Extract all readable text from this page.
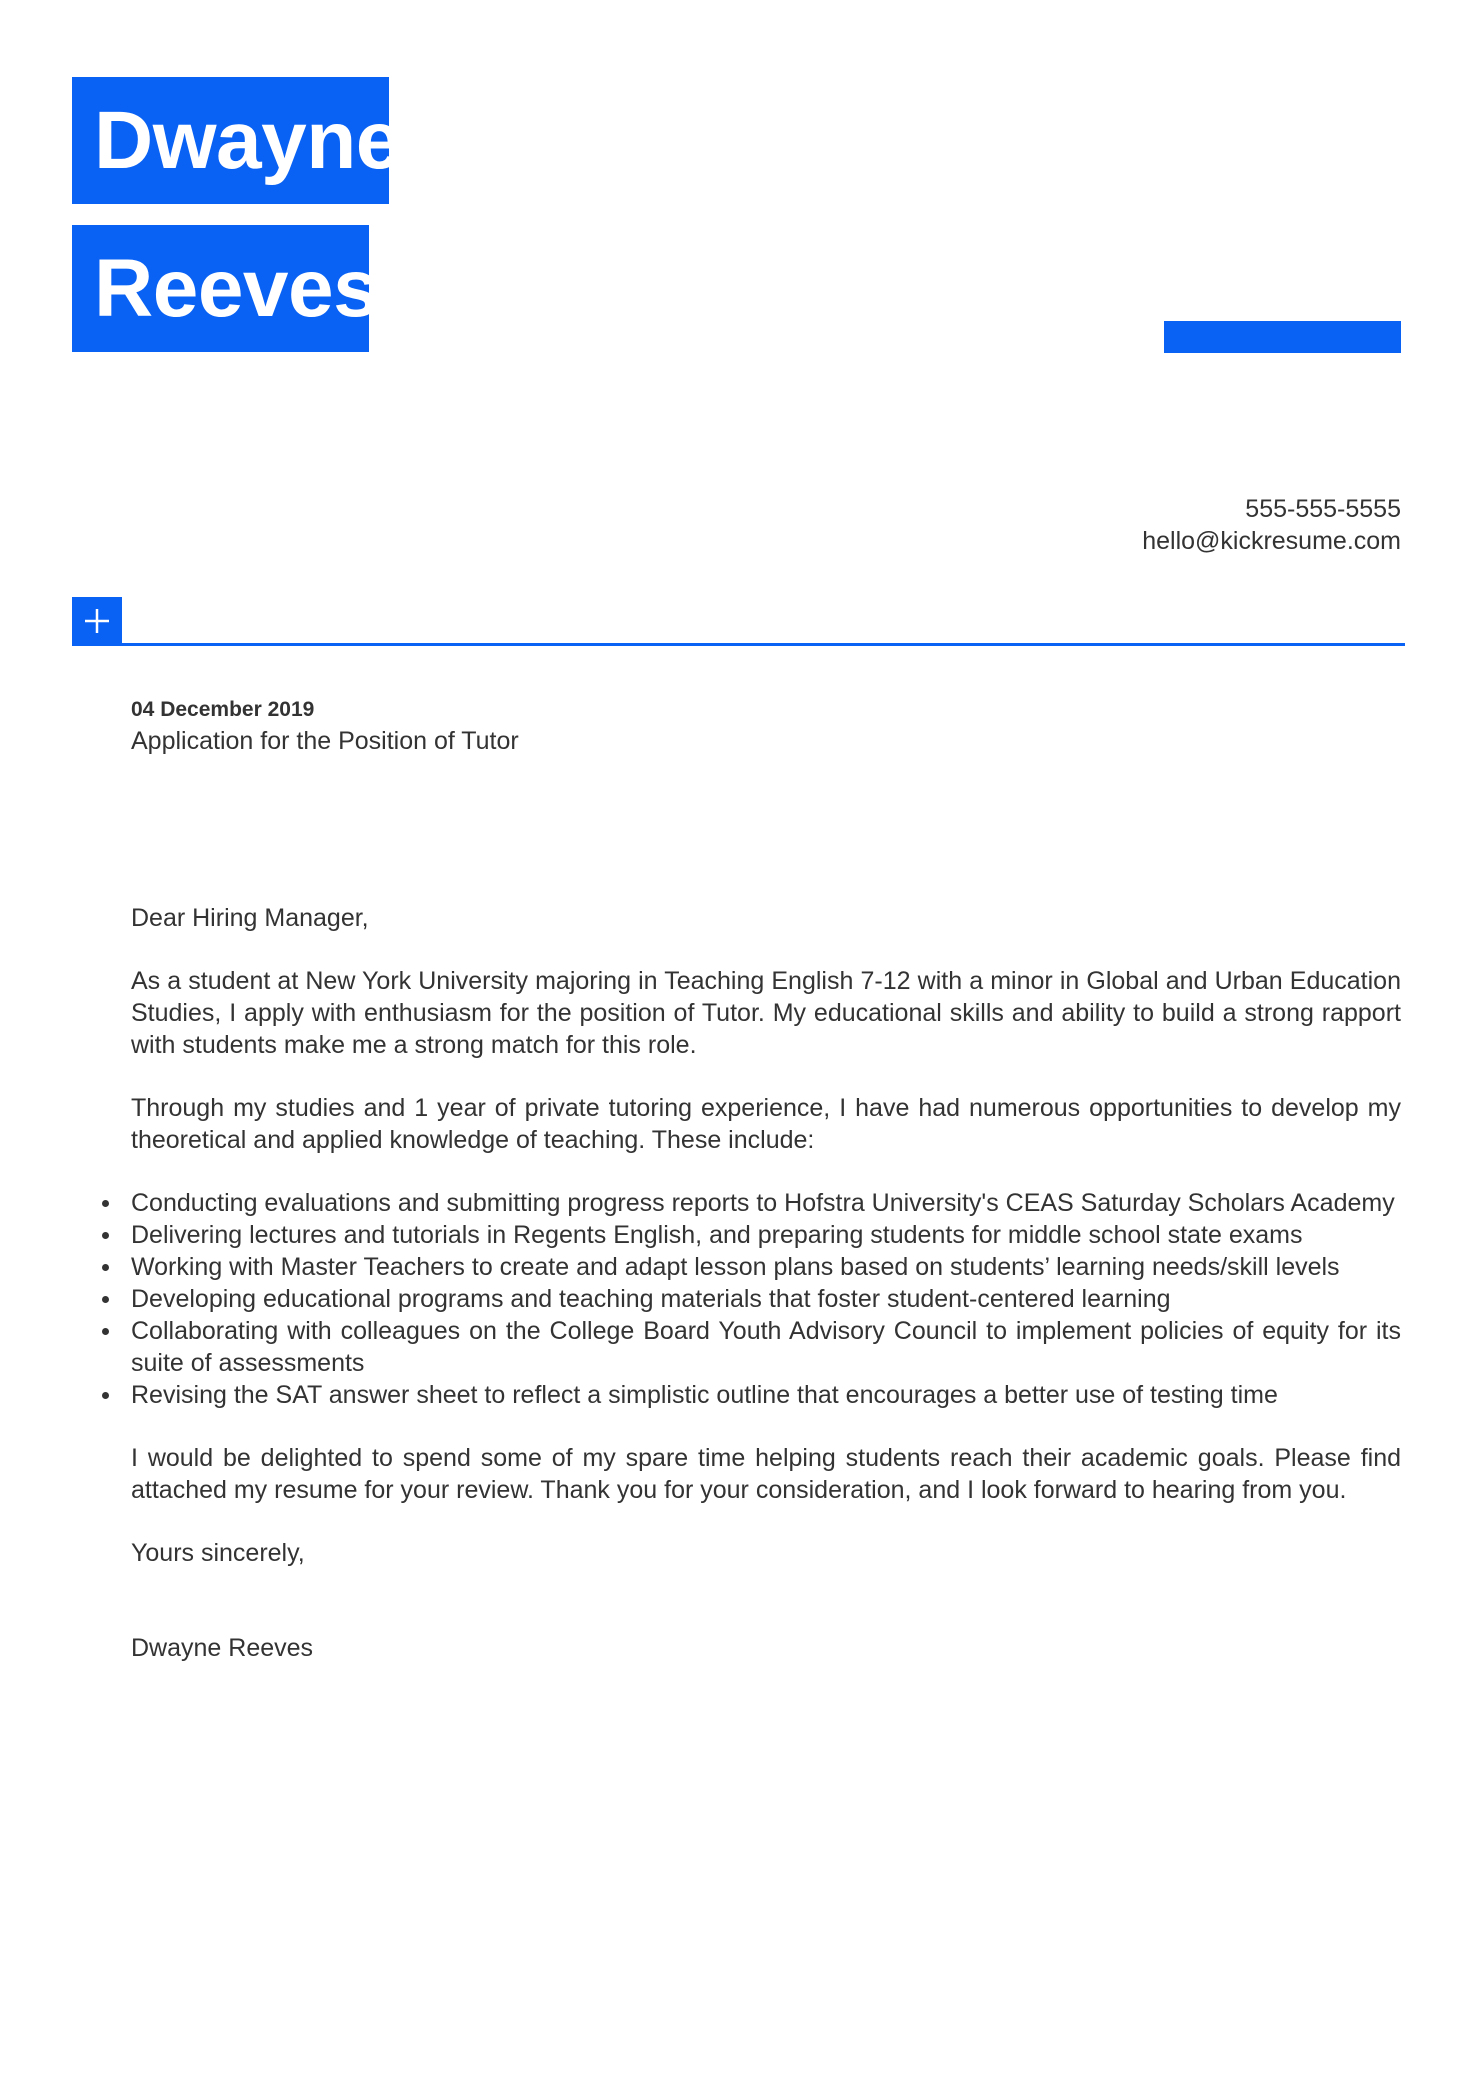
Dwayne
Reeves
555-555-5555
hello@kickresume.com
04 December 2019

Application for the Position of Tutor

Dear Hiring Manager,

As a student at New York University majoring in Teaching English 7-12 with a minor in Global and Urban Education Studies, I apply with enthusiasm for the position of Tutor. My educational skills and ability to build a strong rapport with students make me a strong match for this role.

Through my studies and 1 year of private tutoring experience, I have had numerous opportunities to develop my theoretical and applied knowledge of teaching. These include:

Conducting evaluations and submitting progress reports to Hofstra University's CEAS Saturday Scholars Academy
Delivering lectures and tutorials in Regents English, and preparing students for middle school state exams
Working with Master Teachers to create and adapt lesson plans based on students’ learning needs/skill levels
Developing educational programs and teaching materials that foster student-centered learning
Collaborating with colleagues on the College Board Youth Advisory Council to implement policies of equity for its suite of assessments
Revising the SAT answer sheet to reflect a simplistic outline that encourages a better use of testing time

I would be delighted to spend some of my spare time helping students reach their academic goals. Please find attached my resume for your review. Thank you for your consideration, and I look forward to hearing from you.

Yours sincerely,

Dwayne Reeves
